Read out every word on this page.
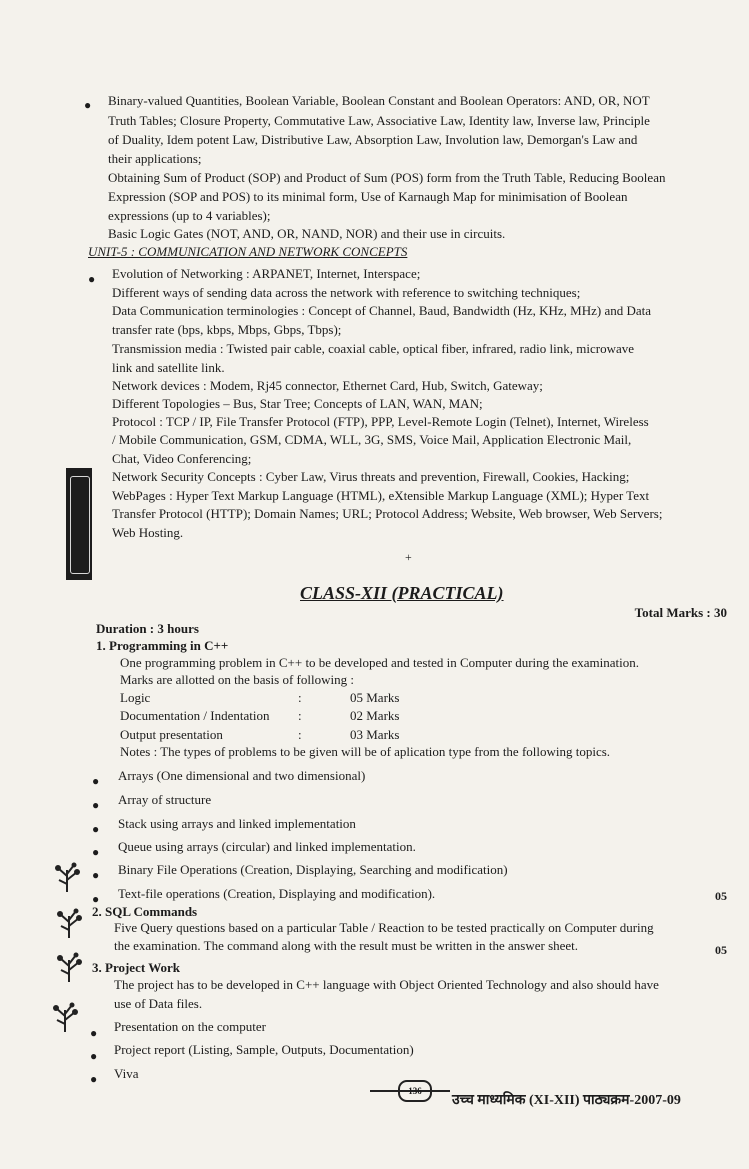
● Binary-valued Quantities, Boolean Variable, Boolean Constant and Boolean Operators: AND, OR, NOT
Truth Tables; Closure Property, Commutative Law, Associative Law, Identity law, Inverse law, Principle
of Duality, Idem potent Law, Distributive Law, Absorption Law, Involution law, Demorgan's Law and
their applications;
Obtaining Sum of Product (SOP) and Product of Sum (POS) form from the Truth Table, Reducing Boolean
Expression (SOP and POS) to its minimal form, Use of Karnaugh Map for minimisation of Boolean
expressions (up to 4 variables);
Basic Logic Gates (NOT, AND, OR, NAND, NOR) and their use in circuits.
UNIT-5 : COMMUNICATION AND NETWORK CONCEPTS
● Evolution of Networking : ARPANET, Internet, Interspace;
Different ways of sending data across the network with reference to switching techniques;
Data Communication terminologies : Concept of Channel, Baud, Bandwidth (Hz, KHz, MHz) and Data
transfer rate (bps, kbps, Mbps, Gbps, Tbps);
Transmission media : Twisted pair cable, coaxial cable, optical fiber, infrared, radio link, microwave
link and satellite link.
Network devices : Modem, Rj45 connector, Ethernet Card, Hub, Switch, Gateway;
Different Topologies – Bus, Star Tree; Concepts of LAN, WAN, MAN;
Protocol : TCP / IP, File Transfer Protocol (FTP), PPP, Level-Remote Login (Telnet), Internet, Wireless
/ Mobile Communication, GSM, CDMA, WLL, 3G, SMS, Voice Mail, Application Electronic Mail,
Chat, Video Conferencing;
Network Security Concepts : Cyber Law, Virus threats and prevention, Firewall, Cookies, Hacking;
WebPages : Hyper Text Markup Language (HTML), eXtensible Markup Language (XML); Hyper Text
Transfer Protocol (HTTP); Domain Names; URL; Protocol Address; Website, Web browser, Web Servers;
Web Hosting.
+
CLASS-XII (PRACTICAL)
Total Marks : 30
Duration : 3 hours
1. Programming in C++
One programming problem in C++ to be developed and tested in Computer during the examination.
Marks are allotted on the basis of following :
Logic	:	05 Marks
Documentation / Indentation :	02 Marks
Output presentation	:	03 Marks
Notes : The types of problems to be given will be of aplication type from the following topics.
● Arrays (One dimensional and two dimensional)
● Array of structure
● Stack using arrays and linked implementation
● Queue using arrays (circular) and linked implementation.
● Binary File Operations (Creation, Displaying, Searching and modification)
● Text-file operations (Creation, Displaying and modification).	05
2. SQL Commands
Five Query questions based on a particular Table / Reaction to be tested practically on Computer during
the examination. The command along with the result must be written in the answer sheet.	05
3. Project Work
The project has to be developed in C++ language with Object Oriented Technology and also should have
use of Data files.
● Presentation on the computer
● Project report (Listing, Sample, Outputs, Documentation)
● Viva
136
उच्च माध्यमिक (XI-XII) पाठ्यक्रम-2007-09
